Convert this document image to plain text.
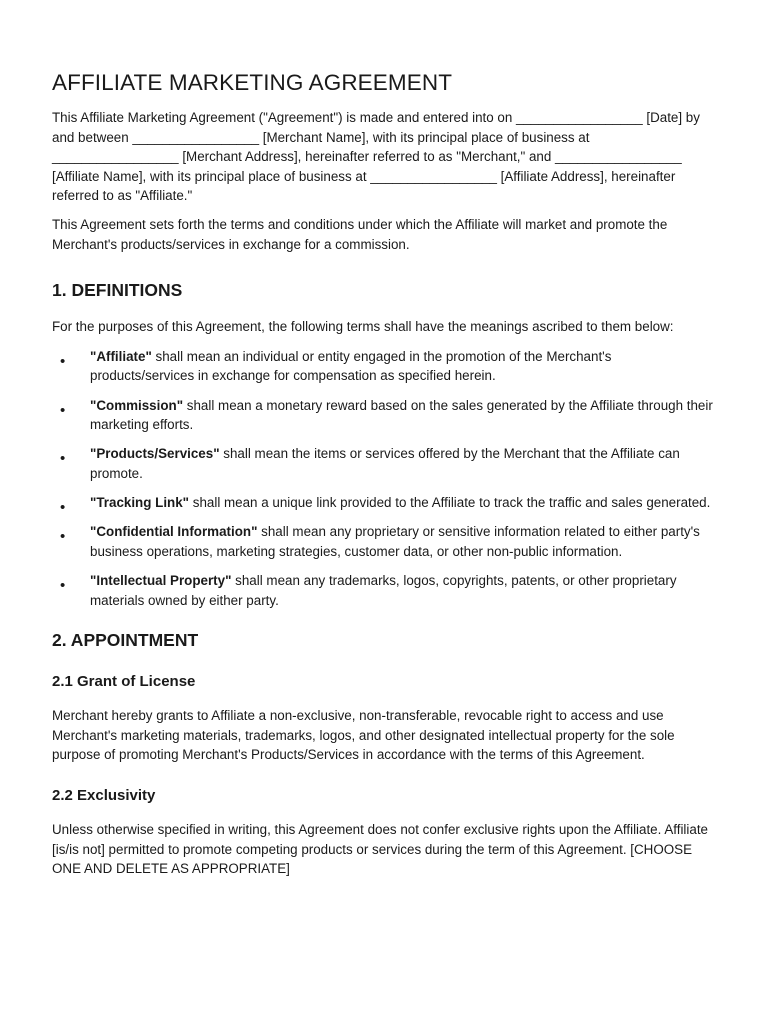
AFFILIATE MARKETING AGREEMENT

This Affiliate Marketing Agreement ("Agreement") is made and entered into on _________________ [Date] by and between _________________ [Merchant Name], with its principal place of business at _________________ [Merchant Address], hereinafter referred to as "Merchant," and _________________ [Affiliate Name], with its principal place of business at _________________ [Affiliate Address], hereinafter referred to as "Affiliate."

This Agreement sets forth the terms and conditions under which the Affiliate will market and promote the Merchant's products/services in exchange for a commission.

1. DEFINITIONS

For the purposes of this Agreement, the following terms shall have the meanings ascribed to them below:

• "Affiliate" shall mean an individual or entity engaged in the promotion of the Merchant's products/services in exchange for compensation as specified herein.
• "Commission" shall mean a monetary reward based on the sales generated by the Affiliate through their marketing efforts.
• "Products/Services" shall mean the items or services offered by the Merchant that the Affiliate can promote.
• "Tracking Link" shall mean a unique link provided to the Affiliate to track the traffic and sales generated.
• "Confidential Information" shall mean any proprietary or sensitive information related to either party's business operations, marketing strategies, customer data, or other non-public information.
• "Intellectual Property" shall mean any trademarks, logos, copyrights, patents, or other proprietary materials owned by either party.
2. APPOINTMENT
2.1 Grant of License

Merchant hereby grants to Affiliate a non-exclusive, non-transferable, revocable right to access and use Merchant's marketing materials, trademarks, logos, and other designated intellectual property for the sole purpose of promoting Merchant's Products/Services in accordance with the terms of this Agreement.

2.2 Exclusivity

Unless otherwise specified in writing, this Agreement does not confer exclusive rights upon the Affiliate. Affiliate [is/is not] permitted to promote competing products or services during the term of this Agreement. [CHOOSE ONE AND DELETE AS APPROPRIATE]
